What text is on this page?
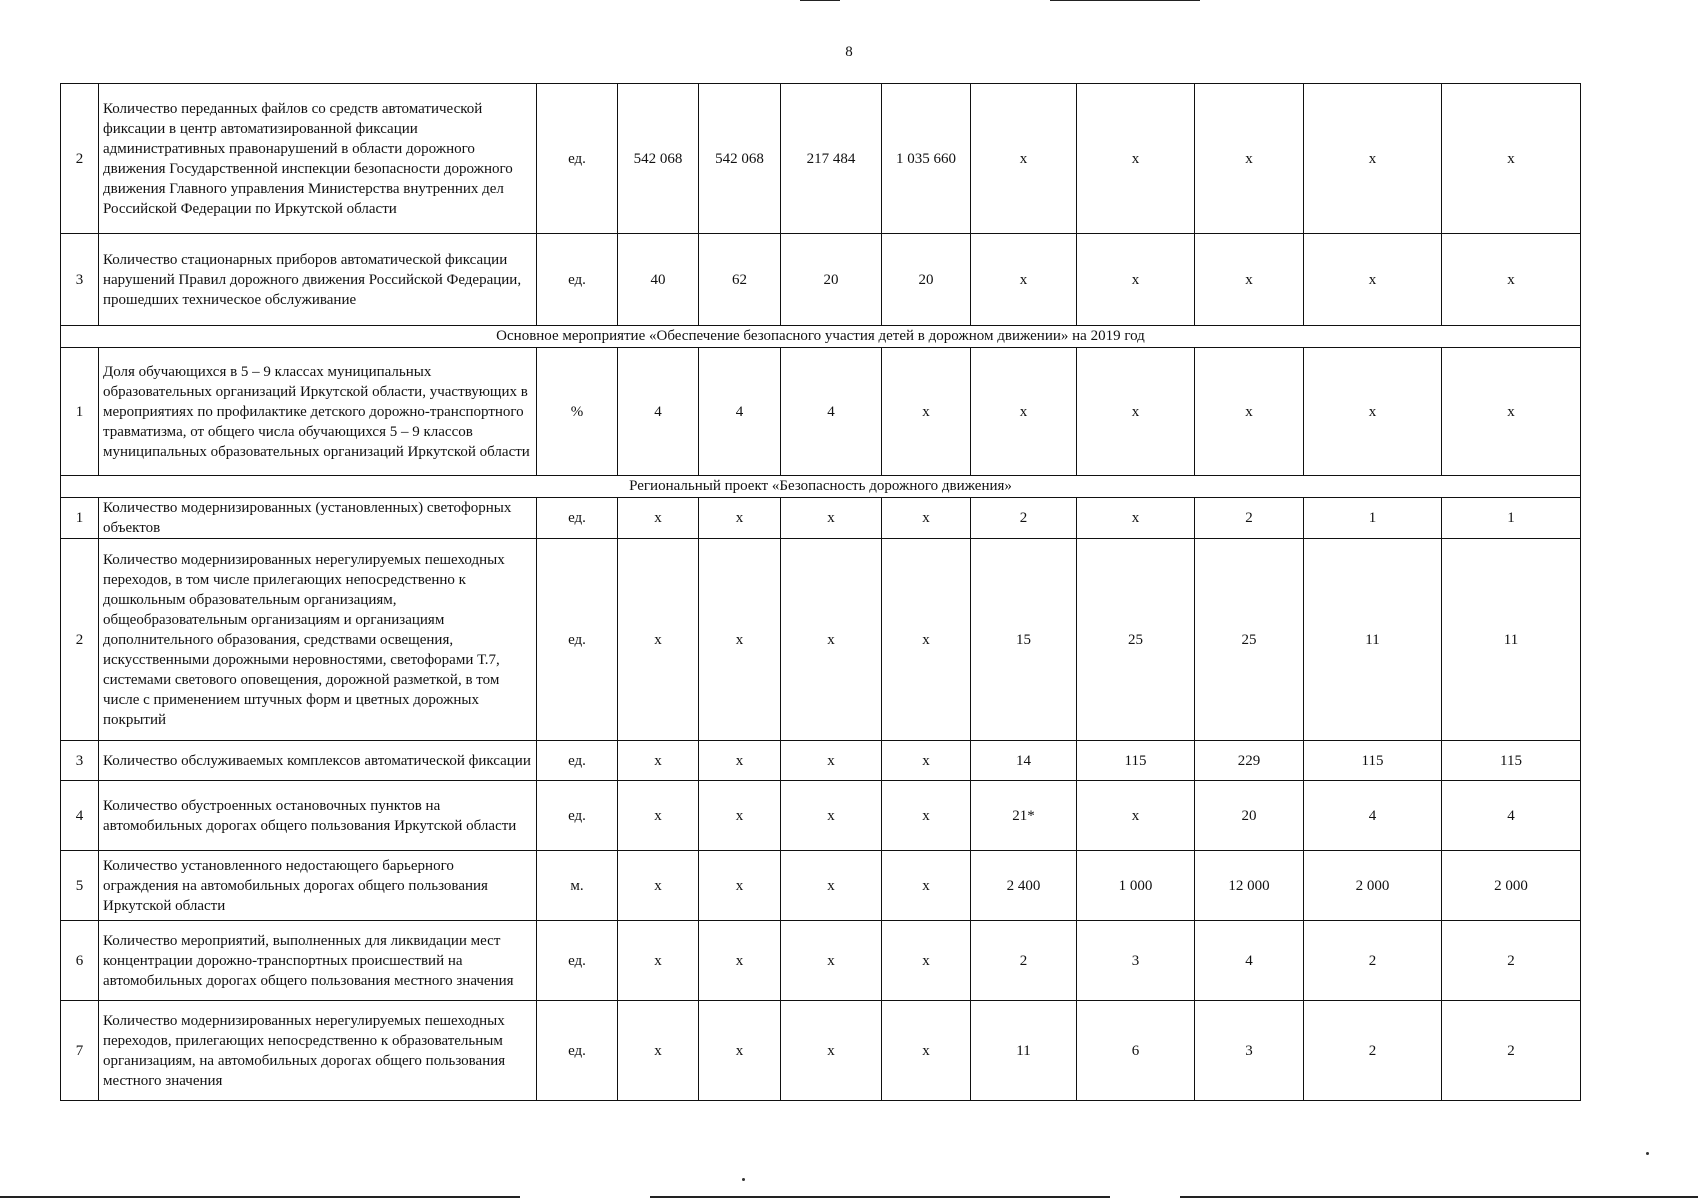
8
2	Количество переданных файлов со средств автоматической фиксации в центр автоматизированной фиксации административных правонарушений в области дорожного движения Государственной инспекции безопасности дорожного движения Главного управления Министерства внутренних дел Российской Федерации по Иркутской области	ед.	542 068	542 068	217 484	1 035 660	x	x	x	x	x
3	Количество стационарных приборов автоматической фиксации нарушений Правил дорожного движения Российской Федерации, прошедших техническое обслуживание	ед.	40	62	20	20	x	x	x	x	x
Основное мероприятие «Обеспечение безопасного участия детей в дорожном движении» на 2019 год											
1	Доля обучающихся в 5 – 9 классах муниципальных образовательных организаций Иркутской области, участвующих в мероприятиях по профилактике детского дорожно-транспортного травматизма, от общего числа обучающихся 5 – 9 классов муниципальных образовательных организаций Иркутской области	%	4	4	4	x	x	x	x	x	x
Региональный проект «Безопасность дорожного движения»											
1	Количество модернизированных (установленных) светофорных объектов	ед.	x	x	x	x	2	x	2	1	1
2	Количество модернизированных нерегулируемых пешеходных переходов, в том числе прилегающих непосредственно к дошкольным образовательным организациям, общеобразовательным организациям и организациям дополнительного образования, средствами освещения, искусственными дорожными неровностями, светофорами Т.7, системами светового оповещения, дорожной разметкой, в том числе с применением штучных форм и цветных дорожных покрытий	ед.	x	x	x	x	15	25	25	11	11
3	Количество обслуживаемых комплексов автоматической фиксации	ед.	x	x	x	x	14	115	229	115	115
4	Количество обустроенных остановочных пунктов на автомобильных дорогах общего пользования Иркутской области	ед.	x	x	x	x	21*	x	20	4	4
5	Количество установленного недостающего барьерного ограждения на автомобильных дорогах общего пользования Иркутской области	м.	x	x	x	x	2 400	1 000	12 000	2 000	2 000
6	Количество мероприятий, выполненных для ликвидации мест концентрации дорожно-транспортных происшествий на автомобильных дорогах общего пользования местного значения	ед.	x	x	x	x	2	3	4	2	2
7	Количество модернизированных нерегулируемых пешеходных переходов, прилегающих непосредственно к образовательным организациям, на автомобильных дорогах общего пользования местного значения	ед.	x	x	x	x	11	6	3	2	2
